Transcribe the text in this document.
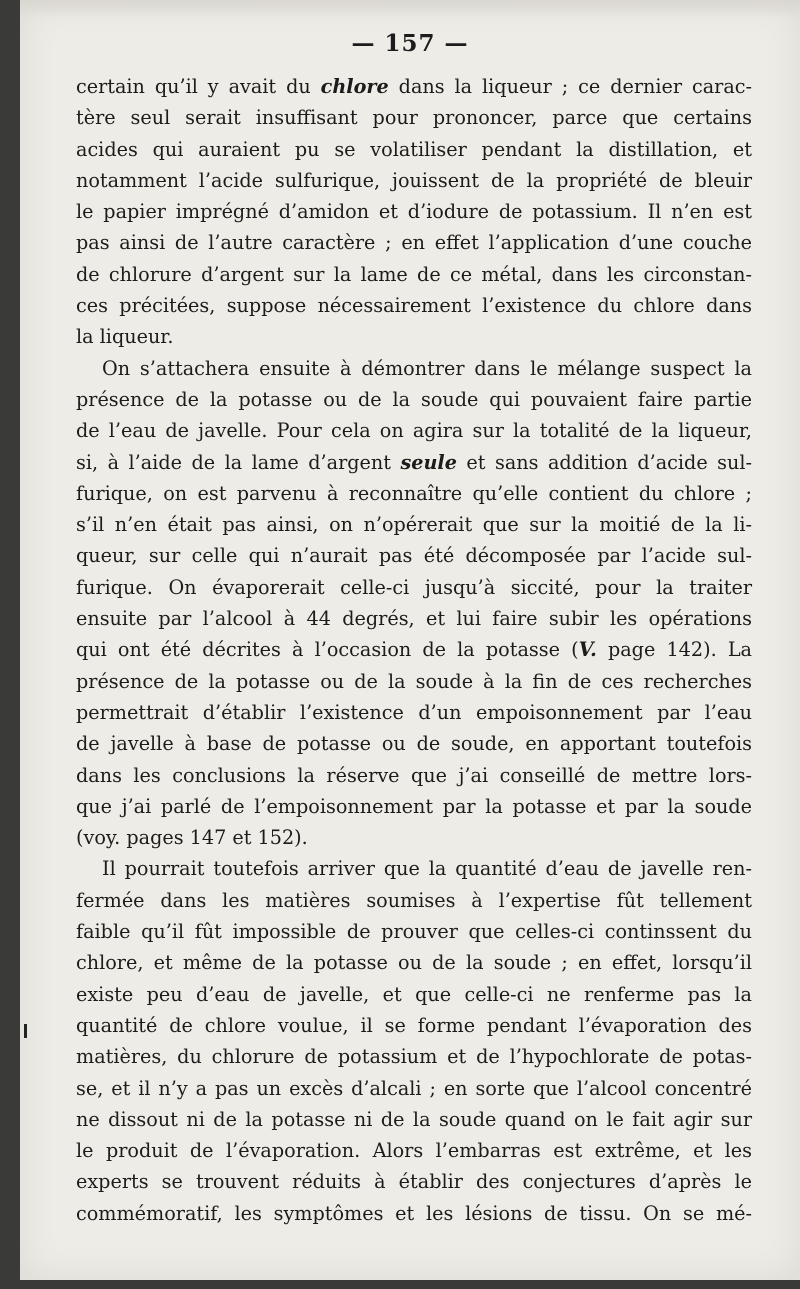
— 157 —
certain qu’il y avait du chlore dans la liqueur ; ce dernier carac-
tère seul serait insuffisant pour prononcer, parce que certains
acides qui auraient pu se volatiliser pendant la distillation, et
notamment l’acide sulfurique, jouissent de la propriété de bleuir
le papier imprégné d’amidon et d’iodure de potassium. Il n’en est
pas ainsi de l’autre caractère ; en effet l’application d’une couche
de chlorure d’argent sur la lame de ce métal, dans les circonstan-
ces précitées, suppose nécessairement l’existence du chlore dans
la liqueur.
On s’attachera ensuite à démontrer dans le mélange suspect la
présence de la potasse ou de la soude qui pouvaient faire partie
de l’eau de javelle. Pour cela on agira sur la totalité de la liqueur,
si, à l’aide de la lame d’argent seule et sans addition d’acide sul-
furique, on est parvenu à reconnaître qu’elle contient du chlore ;
s’il n’en était pas ainsi, on n’opérerait que sur la moitié de la li-
queur, sur celle qui n’aurait pas été décomposée par l’acide sul-
furique. On évaporerait celle-ci jusqu’à siccité, pour la traiter
ensuite par l’alcool à 44 degrés, et lui faire subir les opérations
qui ont été décrites à l’occasion de la potasse (V. page 142). La
présence de la potasse ou de la soude à la fin de ces recherches
permettrait d’établir l’existence d’un empoisonnement par l’eau
de javelle à base de potasse ou de soude, en apportant toutefois
dans les conclusions la réserve que j’ai conseillé de mettre lors-
que j’ai parlé de l’empoisonnement par la potasse et par la soude
(voy. pages 147 et 152).
Il pourrait toutefois arriver que la quantité d’eau de javelle ren-
fermée dans les matières soumises à l’expertise fût tellement
faible qu’il fût impossible de prouver que celles-ci continssent du
chlore, et même de la potasse ou de la soude ; en effet, lorsqu’il
existe peu d’eau de javelle, et que celle-ci ne renferme pas la
quantité de chlore voulue, il se forme pendant l’évaporation des
matières, du chlorure de potassium et de l’hypochlorate de potas-
se, et il n’y a pas un excès d’alcali ; en sorte que l’alcool concentré
ne dissout ni de la potasse ni de la soude quand on le fait agir sur
le produit de l’évaporation. Alors l’embarras est extrême, et les
experts se trouvent réduits à établir des conjectures d’après le
commémoratif, les symptômes et les lésions de tissu. On se mé-
